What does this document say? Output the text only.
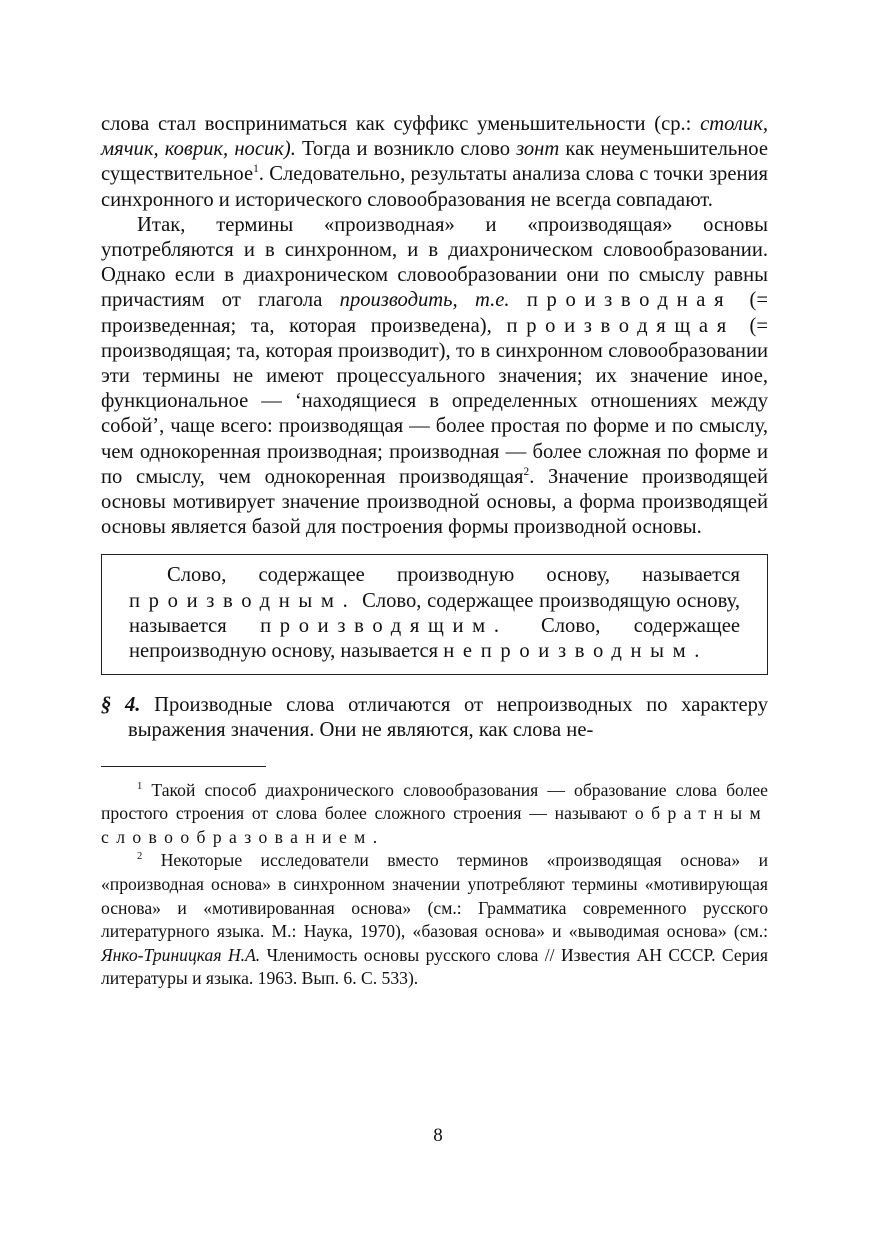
слова стал восприниматься как суффикс уменьшительности (ср.: столик, мячик, коврик, носик). Тогда и возникло слово зонт как неуменьшительное существительное$^1$. Следовательно, результаты анализа слова с точки зрения синхронного и исторического словообразования не всегда совпадают.

Итак, термины «производная» и «производящая» основы употребляются и в синхронном, и в диахроническом словообразовании. Однако если в диахроническом словообразовании они по смыслу равны причастиям от глагола производить, т.е. производная (= произведенная; та, которая произведена), производящая (= производящая; та, которая производит), то в синхронном словообразовании эти термины не имеют процессуального значения; их значение иное, функциональное — ‘находящиеся в определенных отношениях между собой’, чаще всего: производящая — более простая по форме и по смыслу, чем однокоренная производная; производная — более сложная по форме и по смыслу, чем однокоренная производящая$^2$. Значение производящей основы мотивирует значение производной основы, а форма производящей основы является базой для построения формы производной основы.

Слово, содержащее производную основу, называется производным. Слово, содержащее производящую основу, называется производящим. Слово, содержащее непроизводную основу, называется непроизводным.

§ 4. Производные слова отличаются от непроизводных по характеру выражения значения. Они не являются, как слова не-

$^1$ Такой способ диахронического словообразования — образование слова более простого строения от слова более сложного строения — называют обратным словообразованием.

$^2$ Некоторые исследователи вместо терминов «производящая основа» и «производная основа» в синхронном значении употребляют термины «мотивирующая основа» и «мотивированная основа» (см.: Грамматика современного русского литературного языка. М.: Наука, 1970), «базовая основа» и «выводимая основа» (см.: Янко-Триницкая Н.А. Членимость основы русского слова // Известия АН СССР. Серия литературы и языка. 1963. Вып. 6. С. 533).

8
